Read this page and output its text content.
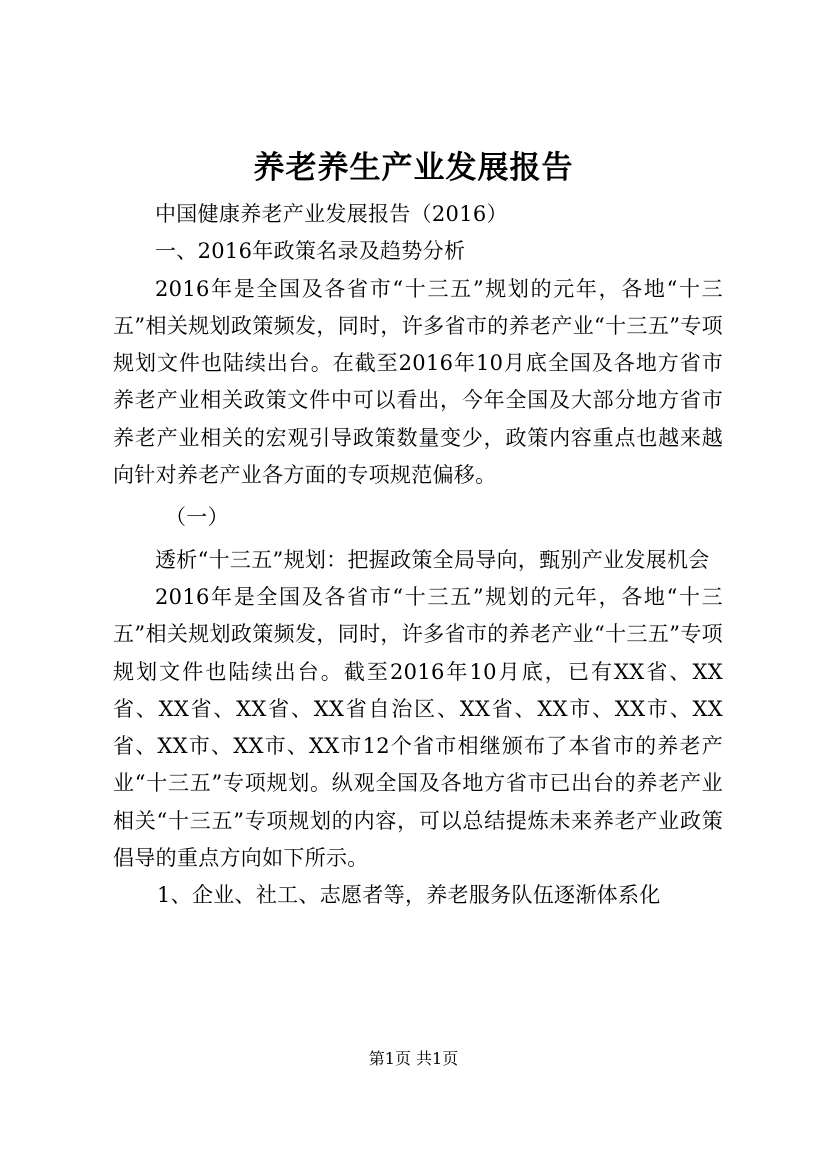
养老养生产业发展报告

中国健康养老产业发展报告（2016）

一、2016年政策名录及趋势分析

2016年是全国及各省市“十三五”规划的元年，各地“十三五”相关规划政策频发，同时，许多省市的养老产业“十三五”专项规划文件也陆续出台。在截至2016年10月底全国及各地方省市养老产业相关政策文件中可以看出，今年全国及大部分地方省市养老产业相关的宏观引导政策数量变少，政策内容重点也越来越向针对养老产业各方面的专项规范偏移。

（一）

透析“十三五”规划：把握政策全局导向，甄别产业发展机会

2016年是全国及各省市“十三五”规划的元年，各地“十三五”相关规划政策频发，同时，许多省市的养老产业“十三五”专项规划文件也陆续出台。截至2016年10月底，已有XX省、XX省、XX省、XX省、XX省自治区、XX省、XX市、XX市、XX省、XX市、XX市、XX市12个省市相继颁布了本省市的养老产业“十三五”专项规划。纵观全国及各地方省市已出台的养老产业相关“十三五”专项规划的内容，可以总结提炼未来养老产业政策倡导的重点方向如下所示。

1、企业、社工、志愿者等，养老服务队伍逐渐体系化

第1页 共1页
